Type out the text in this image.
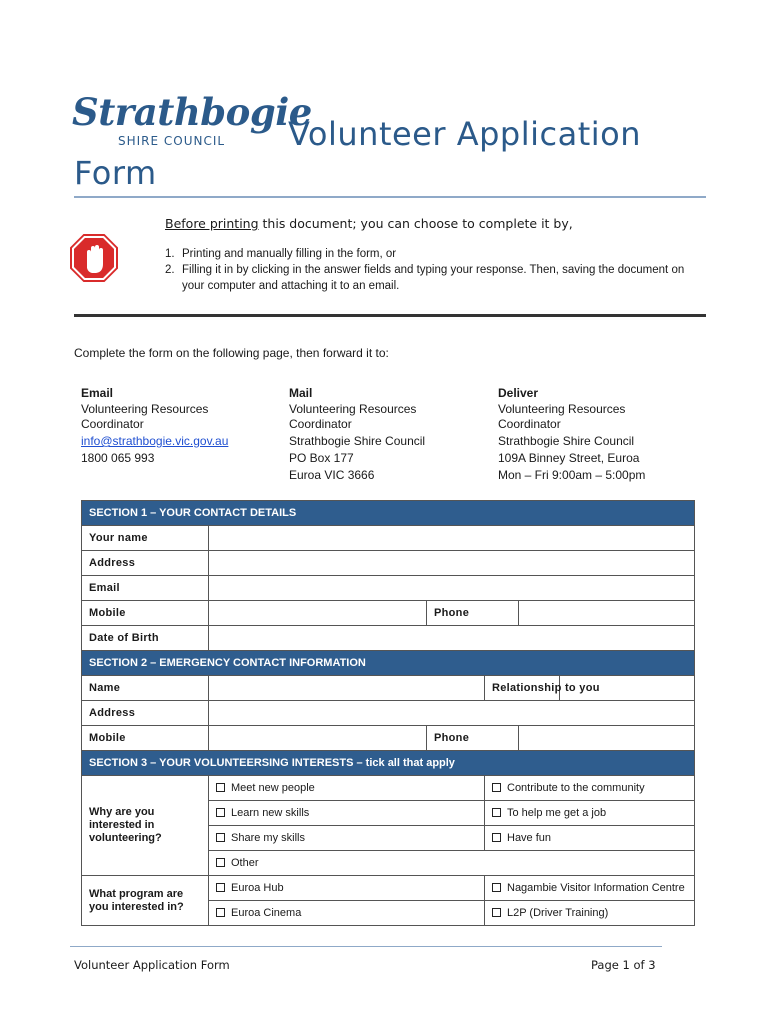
Strathbogie
SHIRE COUNCIL Volunteer Application
Form
Before printing this document; you can choose to complete it by,
1. Printing and manually filling in the form, or
2. Filling it in by clicking in the answer fields and typing your response. Then, saving the document on your computer and attaching it to an email.
Complete the form on the following page, then forward it to:
Email
Volunteering Resources Coordinator
info@strathbogie.vic.gov.au
1800 065 993
Mail
Volunteering Resources Coordinator
Strathbogie Shire Council
PO Box 177
Euroa VIC 3666
Deliver
Volunteering Resources Coordinator
Strathbogie Shire Council
109A Binney Street, Euroa
Mon – Fri 9:00am – 5:00pm
SECTION 1 – YOUR CONTACT DETAILS					
Your name					
Address					
Email					
Mobile		Phone			
Date of Birth					
SECTION 2 – EMERGENCY CONTACT INFORMATION					
Name			Relationship to you		
Address					
Mobile		Phone			
SECTION 3 – YOUR VOLUNTEERSING INTERESTS – tick all that apply					
Why are you interested in volunteering?	Meet new people		Contribute to the community		
	Learn new skills		To help me get a job		
	Share my skills		Have fun		
	Other				
What program are you interested in?	Euroa Hub		Nagambie Visitor Information Centre		
	Euroa Cinema		L2P (Driver Training)		
Volunteer Application Form	Page 1 of 3
